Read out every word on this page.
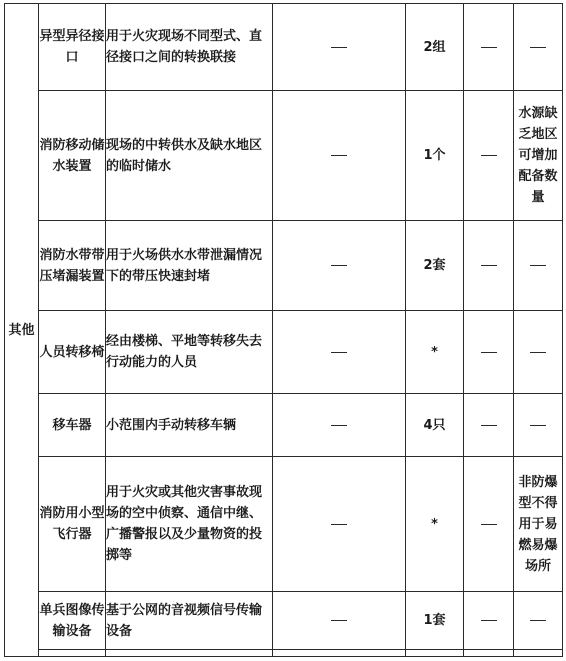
其他	异型异径接口	用于火灾现场不同型式、直径接口之间的转换联接		2组		
	消防移动储水装置	现场的中转供水及缺水地区的临时储水		1个		水源缺乏地区可增加配备数量
	消防水带带压堵漏装置	用于火场供水水带泄漏情况下的带压快速封堵		2套		
	人员转移椅	经由楼梯、平地等转移失去行动能力的人员		*		
	移车器	小范围内手动转移车辆		4只		
	消防用小型飞行器	用于火灾或其他灾害事故现场的空中侦察、通信中继、广播警报以及少量物资的投掷等		*		非防爆型不得用于易燃易爆场所
	单兵图像传输设备	基于公网的音视频信号传输设备		1套		
